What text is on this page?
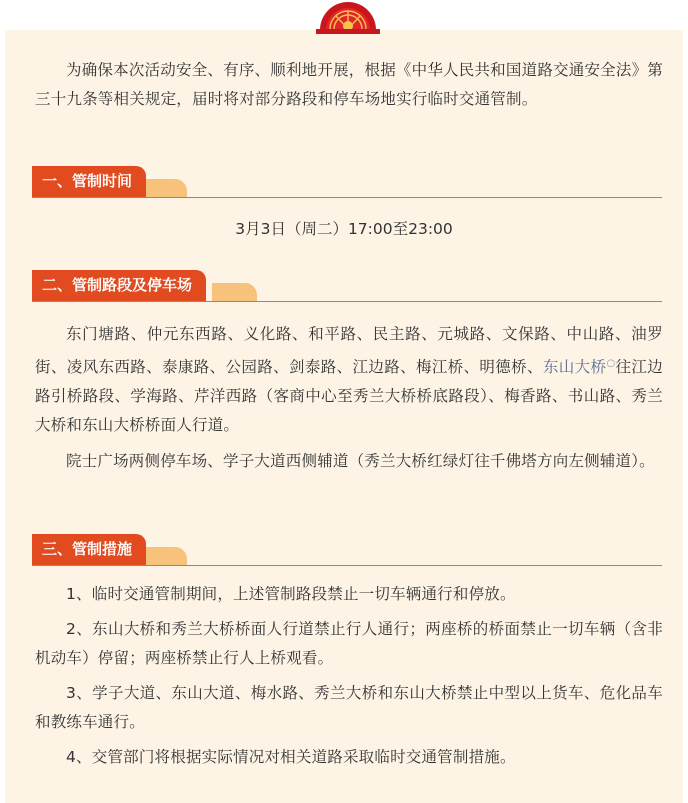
为确保本次活动安全、有序、顺利地开展，根据《中华人民共和国道路交通安全法》第三十九条等相关规定，届时将对部分路段和停车场地实行临时交通管制。

一、管制时间
3月3日（周二）17:00至23:00
二、管制路段及停车场

东门塘路、仲元东西路、义化路、和平路、民主路、元城路、文保路、中山路、油罗街、凌风东西路、泰康路、公园路、剑泰路、江边路、梅江桥、明德桥、东山大桥○往江边路引桥路段、学海路、芹洋西路（客商中心至秀兰大桥桥底路段）、梅香路、书山路、秀兰大桥和东山大桥桥面人行道。

院士广场两侧停车场、学子大道西侧辅道（秀兰大桥红绿灯往千佛塔方向左侧辅道）。

三、管制措施

1、临时交通管制期间，上述管制路段禁止一切车辆通行和停放。

2、东山大桥和秀兰大桥桥面人行道禁止行人通行；两座桥的桥面禁止一切车辆（含非机动车）停留；两座桥禁止行人上桥观看。

3、学子大道、东山大道、梅水路、秀兰大桥和东山大桥禁止中型以上货车、危化品车和教练车通行。

4、交管部门将根据实际情况对相关道路采取临时交通管制措施。
